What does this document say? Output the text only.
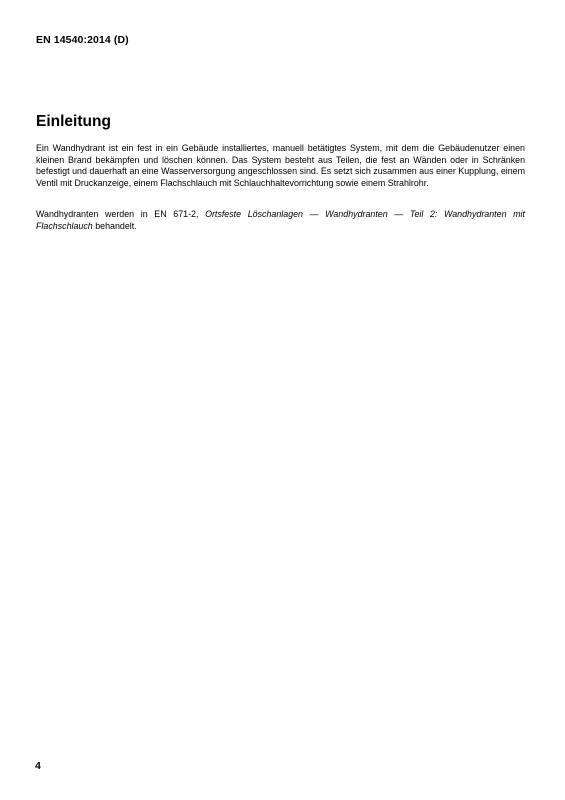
EN 14540:2014 (D)
Einleitung

Ein Wandhydrant ist ein fest in ein Gebäude installiertes, manuell betätigtes System, mit dem die Gebäudenutzer einen kleinen Brand bekämpfen und löschen können. Das System besteht aus Teilen, die fest an Wänden oder in Schränken befestigt und dauerhaft an eine Wasserversorgung angeschlossen sind. Es setzt sich zusammen aus einer Kupplung, einem Ventil mit Druckanzeige, einem Flachschlauch mit Schlauchhaltevorrichtung sowie einem Strahlrohr.

Wandhydranten werden in EN 671-2, Ortsfeste Löschanlagen — Wandhydranten — Teil 2: Wandhydranten mit Flachschlauch behandelt.

4
